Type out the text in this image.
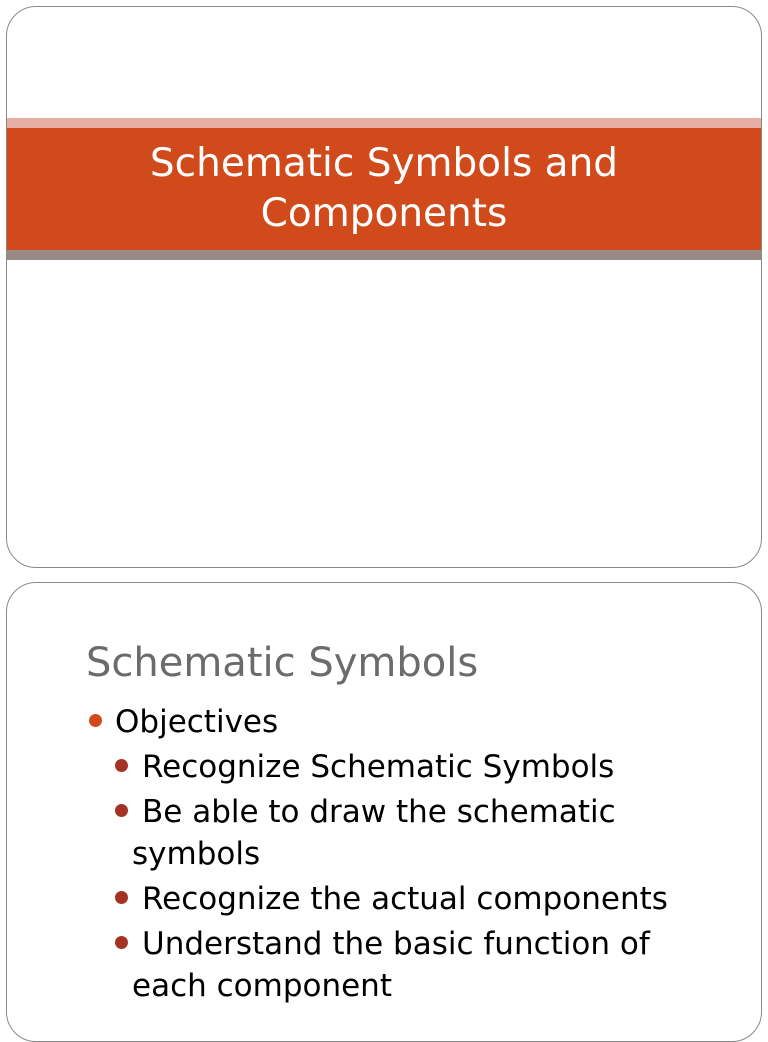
Schematic Symbols and
Components
Schematic Symbols
Objectives
Recognize Schematic Symbols
Be able to draw the schematic
symbols
Recognize the actual components
Understand the basic function of
each component
